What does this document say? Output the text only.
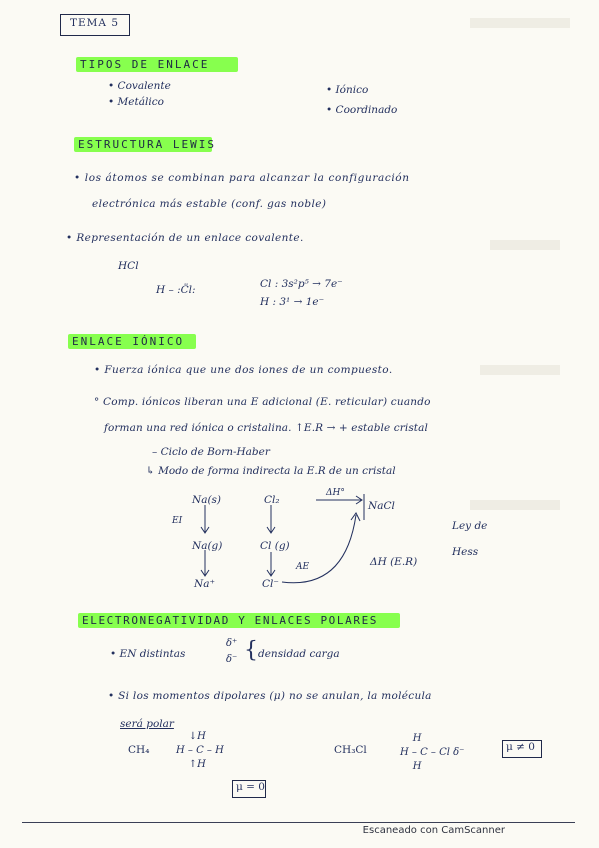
TEMA 5
TIPOS DE ENLACE
• Covalente
• Metálico
• Iónico
• Coordinado
ESTRUCTURA LEWIS
• los átomos se combinan para alcanzar la configuración
electrónica más estable (conf. gas noble)
• Representación de un enlace covalente.
HCl
H – :C̈l:	Cl : 3s²p⁵ → 7e⁻
H : 3¹ → 1e⁻
ENLACE IÓNICO
• Fuerza iónica que une dos iones de un compuesto.
° Comp. iónicos liberan una E adicional (E. reticular) cuando
forman una red iónica o cristalina. ↑E.R → + estable cristal
– Ciclo de Born-Haber
↳ Modo de forma indirecta la E.R de un cristal
Na(s)	Cl₂
ΔH°
NaCl
EI
Na(g)	Cl (g)
AE
Na⁺	Cl⁻
ΔH (E.R)
Ley de
Hess
ELECTRONEGATIVIDAD Y ENLACES POLARES
• EN distintas
δ⁺
δ⁻ { densidad carga
• Si los momentos dipolares (μ) no se anulan, la molécula
será polar
CH₄
↓H
H – C – H
↑H
μ = 0
CH₃Cl
H
H – C – Cl δ⁻
H
μ ≠ 0
Escaneado con CamScanner
